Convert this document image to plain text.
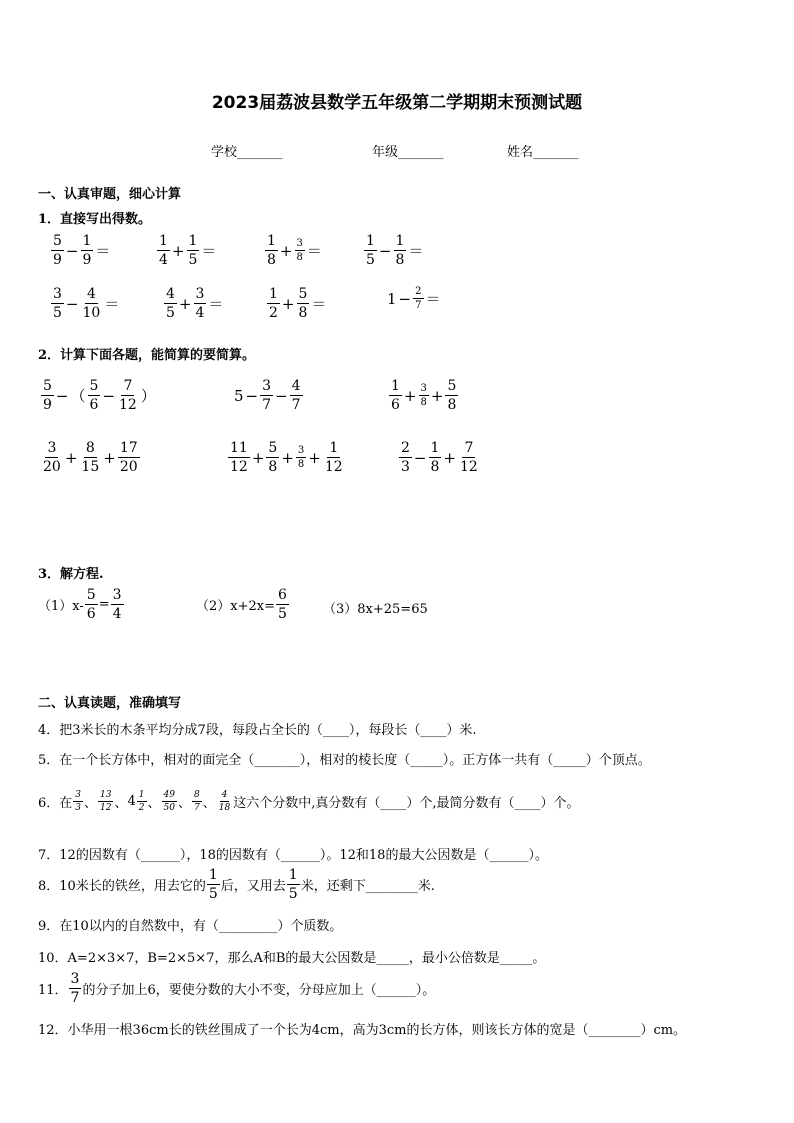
2023届荔波县数学五年级第二学期期末预测试题
学校_______	年级_______	姓名_______
一、认真审题，细心计算
1．直接写出得数。
$\frac{5}{9} - \frac{1}{9}$ ＝	$\frac{1}{4} + \frac{1}{5}$ ＝	$\frac{1}{8} + \frac{3}{8}$ ＝	$\frac{1}{5} - \frac{1}{8}$ ＝
$\frac{3}{5} - \frac{4}{10}$ ＝	$\frac{4}{5} + \frac{3}{4}$ ＝	$\frac{1}{2} + \frac{5}{8}$ ＝	$1 - \frac{2}{7}$ ＝
2．计算下面各题，能简算的要简算。
$\frac{5}{9}$ − （ $\frac{5}{6} - \frac{7}{12}$ ）	$5 - \frac{3}{7} - \frac{4}{7}$	$\frac{1}{6} + \frac{3}{8} + \frac{5}{8}$
$\frac{3}{20} + \frac{8}{15} + \frac{17}{20}$	$\frac{11}{12} + \frac{5}{8} + \frac{3}{8} + \frac{1}{12}$	$\frac{2}{3} - \frac{1}{8} + \frac{7}{12}$
3．解方程.
$(1)x- \frac{5}{6} = \frac{3}{4}$	$(2)x+2x= \frac{6}{5}$	（3）8x+25=65
二、认真读题，准确填写
4．把3米长的木条平均分成7段，每段占全长的（____），每段长（____）米.
5．在一个长方体中，相对的面完全（_______），相对的棱长度（_____）。正方体一共有（_____）个顶点。
6．在 $\frac{3}{3}$ 、 $\frac{13}{12}$ 、 $4 \frac{1}{2}$ 、 $\frac{49}{50}$ 、 $\frac{8}{7}$ 、 $\frac{4}{18}$ 这六个分数中,真分数有（____）个,最简分数有（____）个。
7．12的因数有（______），18的因数有（______）。12和18的最大公因数是（______）。
8．10米长的铁丝，用去它的 $\frac{1}{5}$ 后，又用去 $\frac{1}{5}$ 米，还剩下________米.
9．在10以内的自然数中，有（_________）个质数。
10．A=2×3×7，B=2×5×7，那么A和B的最大公因数是_____，最小公倍数是_____。
11． $\frac{3}{7}$ 的分子加上6，要使分数的大小不变，分母应加上（______）。
12．小华用一根36cm长的铁丝围成了一个长为4cm，高为3cm的长方体，则该长方体的宽是（________）cm。
